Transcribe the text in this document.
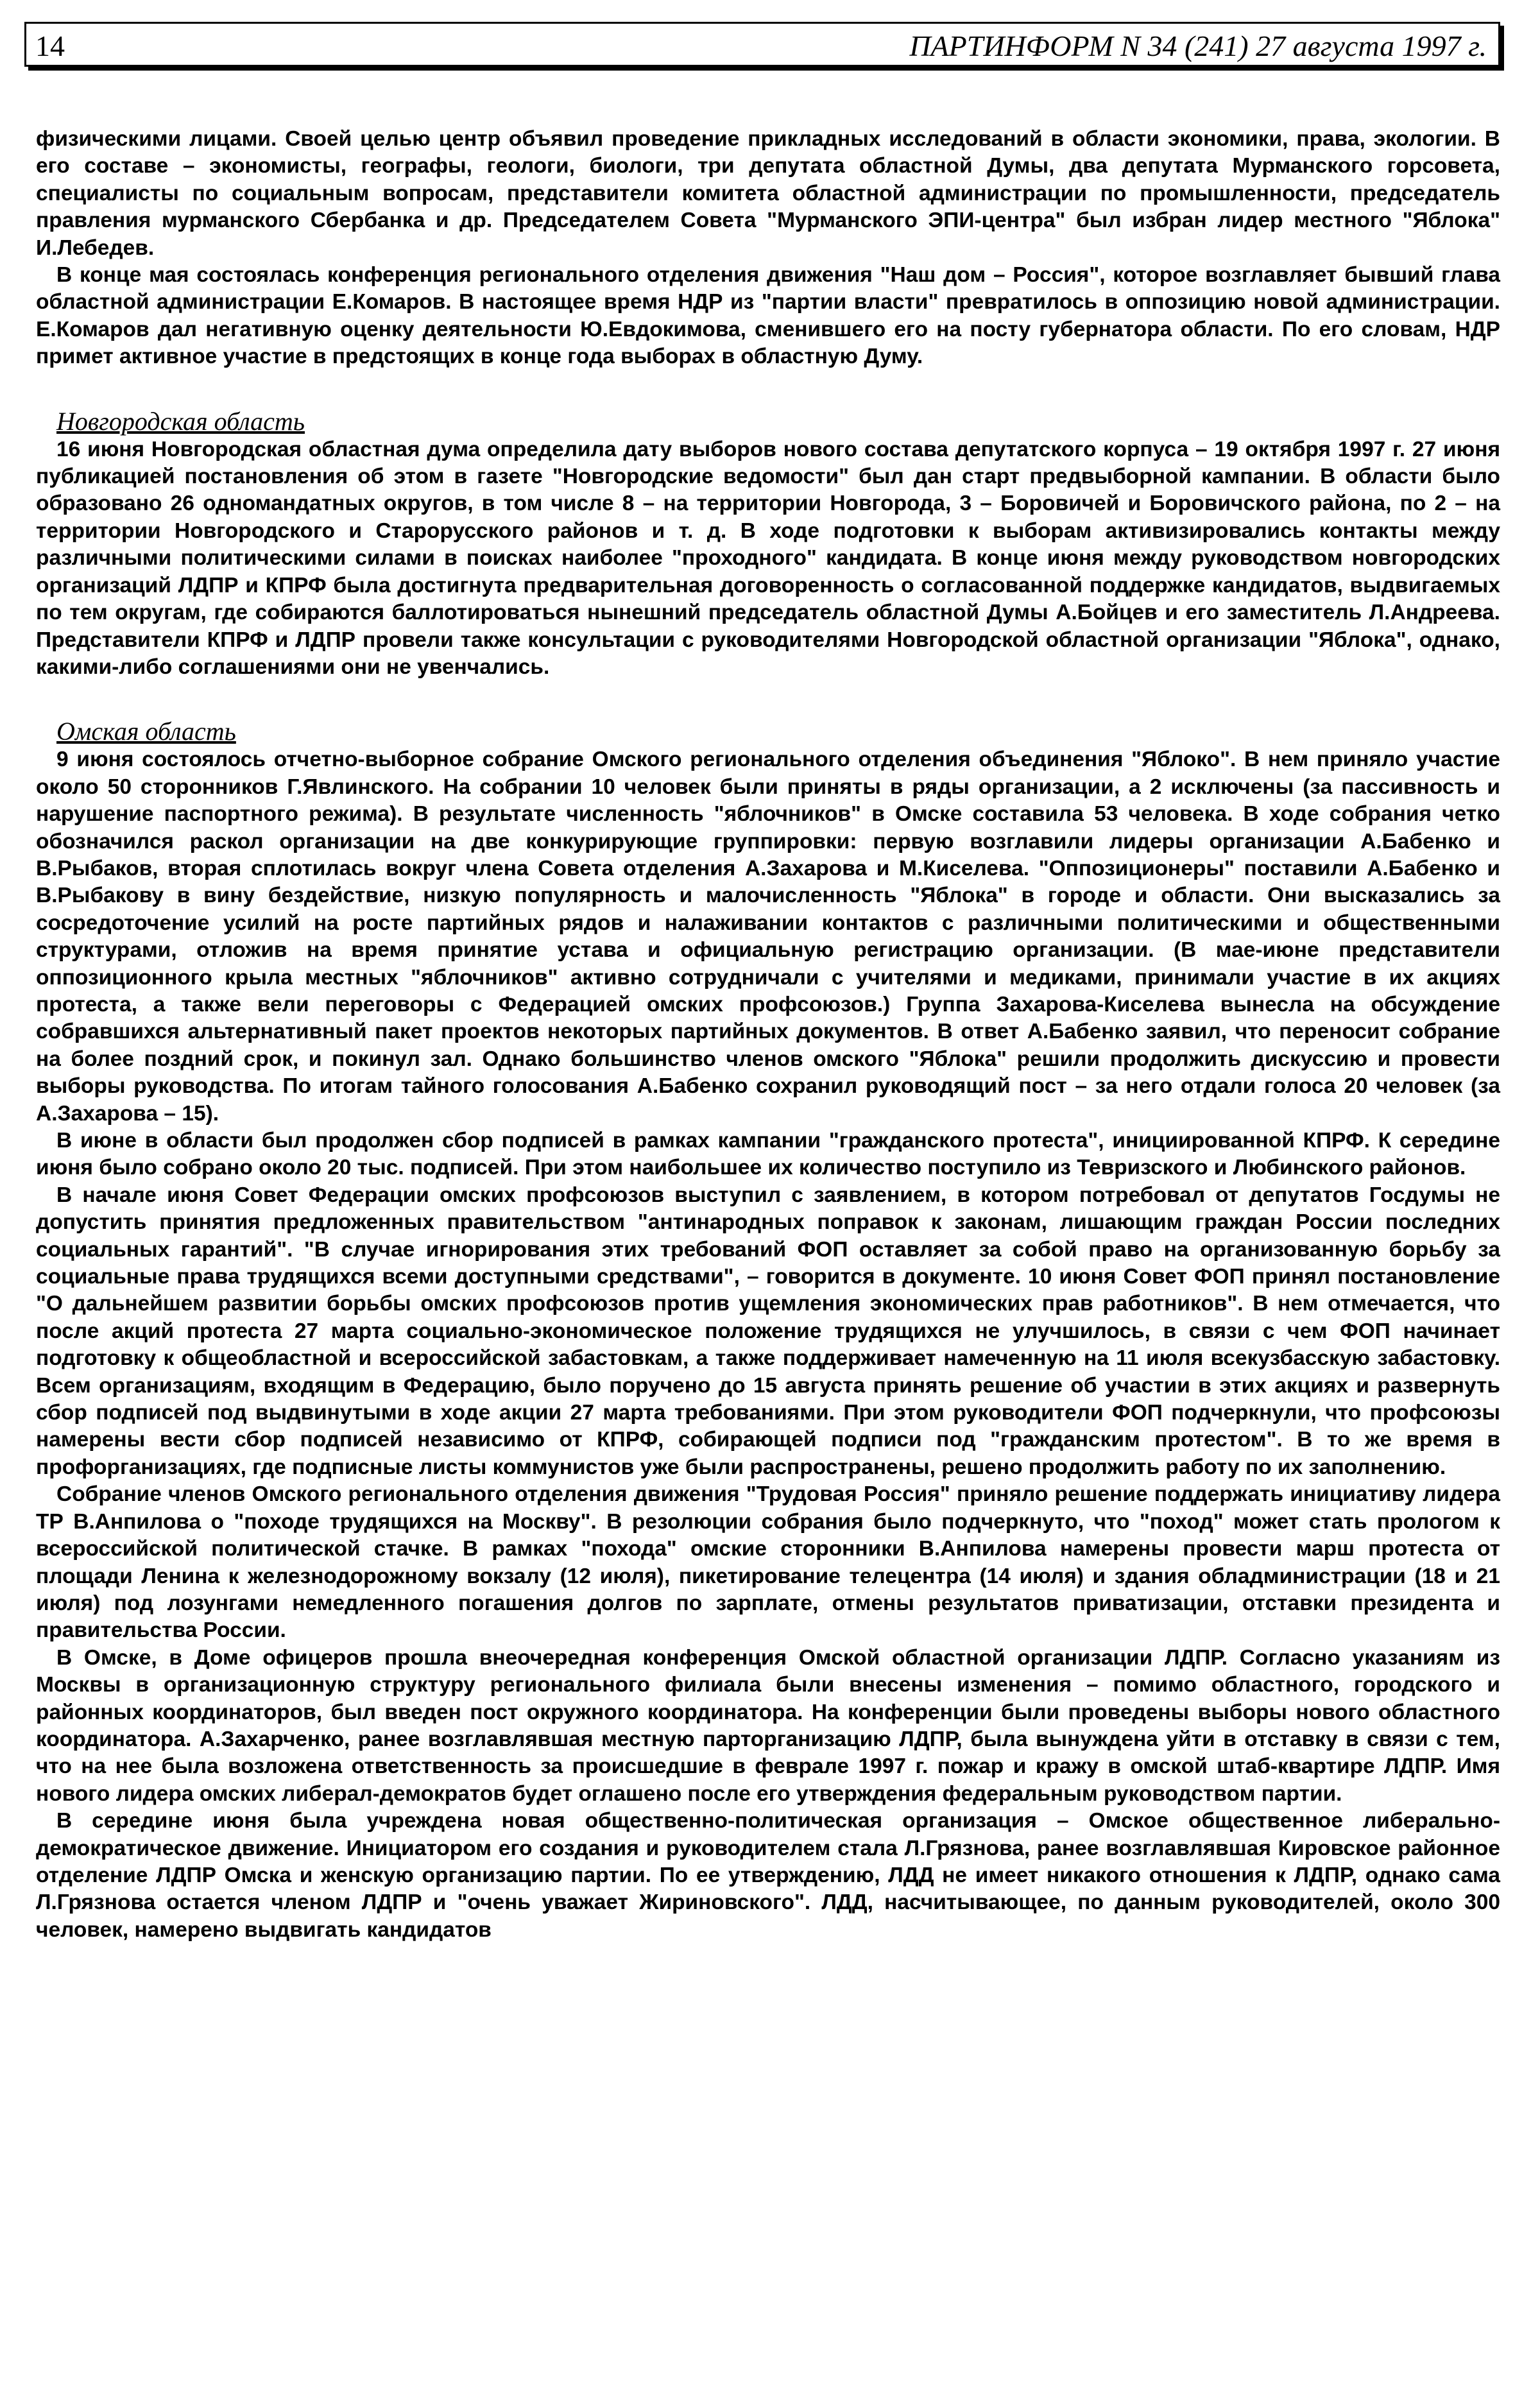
14	ПАРТИНФОРМ N 34 (241) 27 августа 1997 г.

физическими лицами. Своей целью центр объявил проведение прикладных исследований в области экономики, права, экологии. В его составе – экономисты, географы, геологи, биологи, три депутата областной Думы, два депутата Мурманского горсовета, специалисты по социальным вопросам, представители комитета областной администрации по промышленности, председатель правления мурманского Сбербанка и др. Председателем Совета "Мурманского ЭПИ-центра" был избран лидер местного "Яблока" И.Лебедев.

В конце мая состоялась конференция регионального отделения движения "Наш дом – Россия", которое возглавляет бывший глава областной администрации Е.Комаров. В настоящее время НДР из "партии власти" превратилось в оппозицию новой администрации. Е.Комаров дал негативную оценку деятельности Ю.Евдокимова, сменившего его на посту губернатора области. По его словам, НДР примет активное участие в предстоящих в конце года выборах в областную Думу.

Новгородская область

16 июня Новгородская областная дума определила дату выборов нового состава депутатского корпуса – 19 октября 1997 г. 27 июня публикацией постановления об этом в газете "Новгородские ведомости" был дан старт предвыборной кампании. В области было образовано 26 одномандатных округов, в том числе 8 – на территории Новгорода, 3 – Боровичей и Боровичского района, по 2 – на территории Новгородского и Старорусского районов и т. д. В ходе подготовки к выборам активизировались контакты между различными политическими силами в поисках наиболее "проходного" кандидата. В конце июня между руководством новгородских организаций ЛДПР и КПРФ была достигнута предварительная договоренность о согласованной поддержке кандидатов, выдвигаемых по тем округам, где собираются баллотироваться нынешний председатель областной Думы А.Бойцев и его заместитель Л.Андреева. Представители КПРФ и ЛДПР провели также консультации с руководителями Новгородской областной организации "Яблока", однако, какими-либо соглашениями они не увенчались.

Омская область

9 июня состоялось отчетно-выборное собрание Омского регионального отделения объединения "Яблоко". В нем приняло участие около 50 сторонников Г.Явлинского. На собрании 10 человек были приняты в ряды организации, а 2 исключены (за пассивность и нарушение паспортного режима). В результате численность "яблочников" в Омске составила 53 человека. В ходе собрания четко обозначился раскол организации на две конкурирующие группировки: первую возглавили лидеры организации А.Бабенко и В.Рыбаков, вторая сплотилась вокруг члена Совета отделения А.Захарова и М.Киселева. "Оппозиционеры" поставили А.Бабенко и В.Рыбакову в вину бездействие, низкую популярность и малочисленность "Яблока" в городе и области. Они высказались за сосредоточение усилий на росте партийных рядов и налаживании контактов с различными политическими и общественными структурами, отложив на время принятие устава и официальную регистрацию организации. (В мае-июне представители оппозиционного крыла местных "яблочников" активно сотрудничали с учителями и медиками, принимали участие в их акциях протеста, а также вели переговоры с Федерацией омских профсоюзов.) Группа Захарова-Киселева вынесла на обсуждение собравшихся альтернативный пакет проектов некоторых партийных документов. В ответ А.Бабенко заявил, что переносит собрание на более поздний срок, и покинул зал. Однако большинство членов омского "Яблока" решили продолжить дискуссию и провести выборы руководства. По итогам тайного голосования А.Бабенко сохранил руководящий пост – за него отдали голоса 20 человек (за А.Захарова – 15).

В июне в области был продолжен сбор подписей в рамках кампании "гражданского протеста", инициированной КПРФ. К середине июня было собрано около 20 тыс. подписей. При этом наибольшее их количество поступило из Тевризского и Любинского районов.

В начале июня Совет Федерации омских профсоюзов выступил с заявлением, в котором потребовал от депутатов Госдумы не допустить принятия предложенных правительством "антинародных поправок к законам, лишающим граждан России последних социальных гарантий". "В случае игнорирования этих требований ФОП оставляет за собой право на организованную борьбу за социальные права трудящихся всеми доступными средствами", – говорится в документе. 10 июня Совет ФОП принял постановление "О дальнейшем развитии борьбы омских профсоюзов против ущемления экономических прав работников". В нем отмечается, что после акций протеста 27 марта социально-экономическое положение трудящихся не улучшилось, в связи с чем ФОП начинает подготовку к общеобластной и всероссийской забастовкам, а также поддерживает намеченную на 11 июля всекузбасскую забастовку. Всем организациям, входящим в Федерацию, было поручено до 15 августа принять решение об участии в этих акциях и развернуть сбор подписей под выдвинутыми в ходе акции 27 марта требованиями. При этом руководители ФОП подчеркнули, что профсоюзы намерены вести сбор подписей независимо от КПРФ, собирающей подписи под "гражданским протестом". В то же время в профорганизациях, где подписные листы коммунистов уже были распространены, решено продолжить работу по их заполнению.

Собрание членов Омского регионального отделения движения "Трудовая Россия" приняло решение поддержать инициативу лидера ТР В.Анпилова о "походе трудящихся на Москву". В резолюции собрания было подчеркнуто, что "поход" может стать прологом к всероссийской политической стачке. В рамках "похода" омские сторонники В.Анпилова намерены провести марш протеста от площади Ленина к железнодорожному вокзалу (12 июля), пикетирование телецентра (14 июля) и здания обладминистрации (18 и 21 июля) под лозунгами немедленного погашения долгов по зарплате, отмены результатов приватизации, отставки президента и правительства России.

В Омске, в Доме офицеров прошла внеочередная конференция Омской областной организации ЛДПР. Согласно указаниям из Москвы в организационную структуру регионального филиала были внесены изменения – помимо областного, городского и районных координаторов, был введен пост окружного координатора. На конференции были проведены выборы нового областного координатора. А.Захарченко, ранее возглавлявшая местную парторганизацию ЛДПР, была вынуждена уйти в отставку в связи с тем, что на нее была возложена ответственность за происшедшие в феврале 1997 г. пожар и кражу в омской штаб-квартире ЛДПР. Имя нового лидера омских либерал-демократов будет оглашено после его утверждения федеральным руководством партии.

В середине июня была учреждена новая общественно-политическая организация – Омское общественное либерально-демократическое движение. Инициатором его создания и руководителем стала Л.Грязнова, ранее возглавлявшая Кировское районное отделение ЛДПР Омска и женскую организацию партии. По ее утверждению, ЛДД не имеет никакого отношения к ЛДПР, однако сама Л.Грязнова остается членом ЛДПР и "очень уважает Жириновского". ЛДД, насчитывающее, по данным руководителей, около 300 человек, намерено выдвигать кандидатов
